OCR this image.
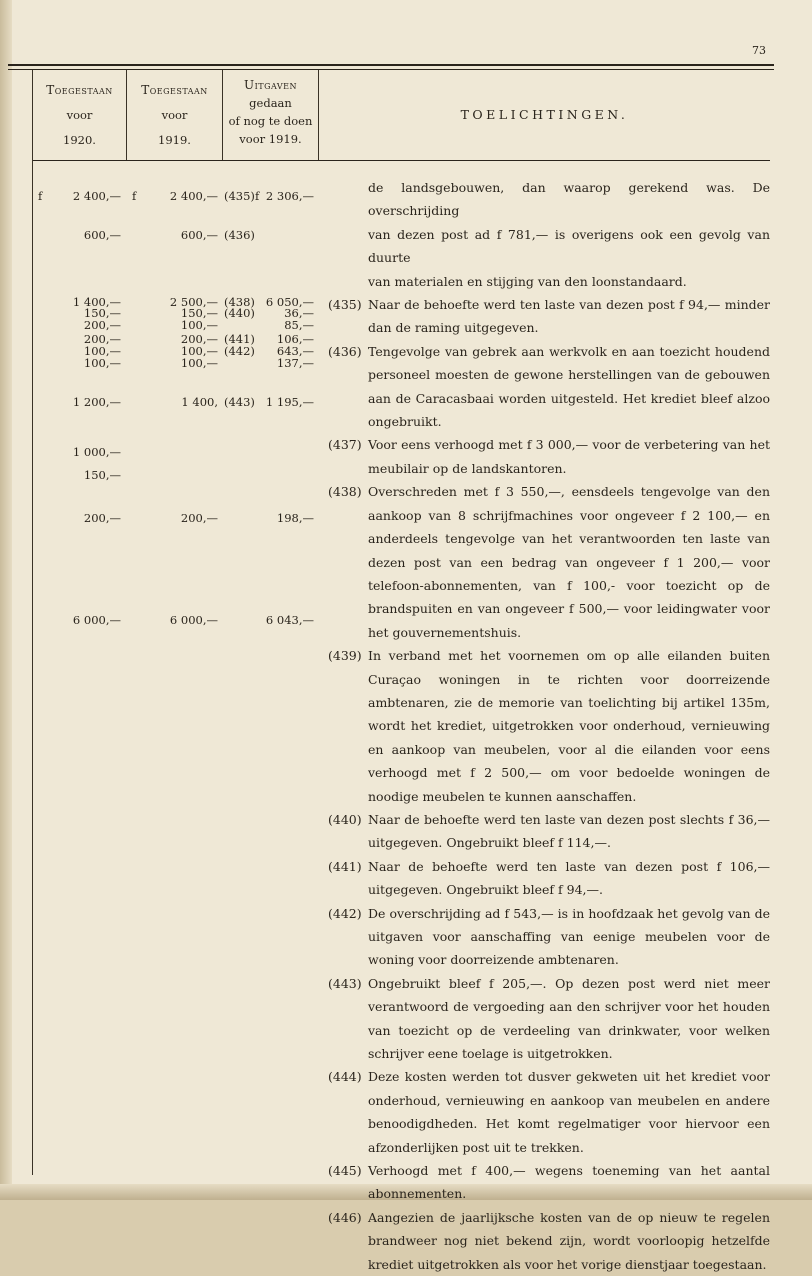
73
Toegestaan
voor
1920.
Toegestaan
voor
1919.
Uitgaven
gedaan
of nog te doen
voor 1919.
TOELICHTINGEN.
f	f	f
2 400,—
600,—
1 400,—
150,—
200,—
200,—
100,—
100,—
1 200,—
1 000,—
150,—
200,—
6 000,—
2 400,—
600,—
2 500,—
150,—
100,—
200,—
100,—
100,—
1 400,
200,—
6 000,—
(435)
(436)
(438)
(440)
(441)
(442)
(443)
2 306,—
6 050,—
36,—
85,—
106,—
643,—
137,—
1 195,—
198,—
6 043,—
de landsgebouwen, dan waarop gerekend was. De overschrijding
van dezen post ad f 781,— is overigens ook een gevolg van duurte
van materialen en stijging van den loonstandaard.
(435) Naar de behoefte werd ten laste van dezen post f 94,— minder dan de raming uitgegeven.
(436) Tengevolge van gebrek aan werkvolk en aan toezicht houdend personeel moesten de gewone herstellingen van de gebouwen aan de Caracasbaai worden uitgesteld. Het krediet bleef alzoo ongebruikt.
(437) Voor eens verhoogd met f 3 000,— voor de verbetering van het meubilair op de landskantoren.
(438) Overschreden met f 3 550,—, eensdeels tengevolge van den aankoop van 8 schrijfmachines voor ongeveer f 2 100,— en anderdeels tengevolge van het verantwoorden ten laste van dezen post van een bedrag van ongeveer f 1 200,— voor telefoon-abonnementen, van f 100,- voor toezicht op de brandspuiten en van ongeveer f 500,— voor leidingwater voor het gouvernementshuis.
(439) In verband met het voornemen om op alle eilanden buiten Curaçao woningen in te richten voor doorreizende ambtenaren, zie de memorie van toelichting bij artikel 135m, wordt het krediet, uitgetrokken voor onderhoud, vernieuwing en aankoop van meubelen, voor al die eilanden voor eens verhoogd met f 2 500,— om voor bedoelde woningen de noodige meubelen te kunnen aanschaffen.
(440) Naar de behoefte werd ten laste van dezen post slechts f 36,— uitgegeven. Ongebruikt bleef f 114,—.
(441) Naar de behoefte werd ten laste van dezen post f 106,— uitgegeven. Ongebruikt bleef f 94,—.
(442) De overschrijding ad f 543,— is in hoofdzaak het gevolg van de uitgaven voor aanschaffing van eenige meubelen voor de woning voor doorreizende ambtenaren.
(443) Ongebruikt bleef f 205,—. Op dezen post werd niet meer verantwoord de vergoeding aan den schrijver voor het houden van toezicht op de verdeeling van drinkwater, voor welken schrijver eene toelage is uitgetrokken.
(444) Deze kosten werden tot dusver gekweten uit het krediet voor onderhoud, vernieuwing en aankoop van meubelen en andere benoodigdheden. Het komt regelmatiger voor hiervoor een afzonderlijken post uit te trekken.
(445) Verhoogd met f 400,— wegens toeneming van het aantal abonnementen.
(446) Aangezien de jaarlijksche kosten van de op nieuw te regelen brandweer nog niet bekend zijn, wordt voorloopig hetzelfde krediet uitgetrokken als voor het vorige dienstjaar toegestaan.
